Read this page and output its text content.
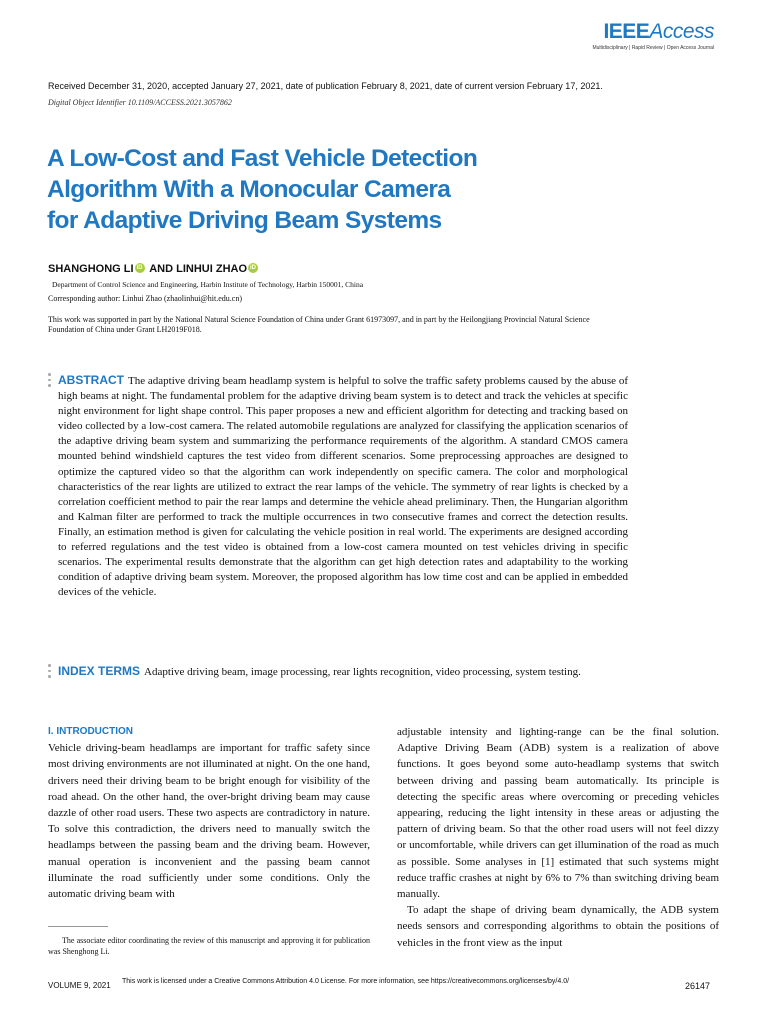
IEEEAccess
Multidisciplinary | Rapid Review | Open Access Journal
Received December 31, 2020, accepted January 27, 2021, date of publication February 8, 2021, date of current version February 17, 2021.
Digital Object Identifier 10.1109/ACCESS.2021.3057862
A Low-Cost and Fast Vehicle Detection
Algorithm With a Monocular Camera
for Adaptive Driving Beam Systems
SHANGHONG LI iD AND LINHUI ZHAO iD
Department of Control Science and Engineering, Harbin Institute of Technology, Harbin 150001, China
Corresponding author: Linhui Zhao (zhaolinhui@hit.edu.cn)
This work was supported in part by the National Natural Science Foundation of China under Grant 61973097, and in part by the Heilongjiang Provincial Natural Science Foundation of China under Grant LH2019F018.
ABSTRACT The adaptive driving beam headlamp system is helpful to solve the traffic safety problems caused by the abuse of high beams at night. The fundamental problem for the adaptive driving beam system is to detect and track the vehicles at specific night environment for light shape control. This paper proposes a new and efficient algorithm for detecting and tracking based on video collected by a low-cost camera. The related automobile regulations are analyzed for classifying the application scenarios of the adaptive driving beam system and summarizing the performance requirements of the algorithm. A standard CMOS camera mounted behind windshield captures the test video from different scenarios. Some preprocessing approaches are designed to optimize the captured video so that the algorithm can work independently on specific camera. The color and morphological characteristics of the rear lights are utilized to extract the rear lamps of the vehicle. The symmetry of rear lights is checked by a correlation coefficient method to pair the rear lamps and determine the vehicle ahead preliminary. Then, the Hungarian algorithm and Kalman filter are performed to track the multiple occurrences in two consecutive frames and correct the detection results. Finally, an estimation method is given for calculating the vehicle position in real world. The experiments are designed according to referred regulations and the test video is obtained from a low-cost camera mounted on test vehicles driving in specific scenarios. The experimental results demonstrate that the algorithm can get high detection rates and adaptability to the working condition of adaptive driving beam system. Moreover, the proposed algorithm has low time cost and can be applied in embedded devices of the vehicle.
INDEX TERMS Adaptive driving beam, image processing, rear lights recognition, video processing, system testing.
I. INTRODUCTION
Vehicle driving-beam headlamps are important for traffic safety since most driving environments are not illuminated at night. On the one hand, drivers need their driving beam to be bright enough for visibility of the road ahead. On the other hand, the over-bright driving beam may cause dazzle of other road users. These two aspects are contradictory in nature. To solve this contradiction, the drivers need to manually switch the headlamps between the passing beam and the driving beam. However, manual operation is inconvenient and the passing beam cannot illuminate the road sufficiently under some conditions. Only the automatic driving beam with
adjustable intensity and lighting-range can be the final solution. Adaptive Driving Beam (ADB) system is a realization of above functions. It goes beyond some auto-headlamp systems that switch between driving and passing beam automatically. Its principle is detecting the specific areas where overcoming or preceding vehicles appearing, reducing the light intensity in these areas or adjusting the pattern of driving beam. So that the other road users will not feel dizzy or uncomfortable, while drivers can get illumination of the road as much as possible. Some analyses in [1] estimated that such systems might reduce traffic crashes at night by 6% to 7% than switching driving beam manually.
To adapt the shape of driving beam dynamically, the ADB system needs sensors and corresponding algorithms to obtain the positions of vehicles in the front view as the input
The associate editor coordinating the review of this manuscript and approving it for publication was Shenghong Li.
VOLUME 9, 2021 This work is licensed under a Creative Commons Attribution 4.0 License. For more information, see https://creativecommons.org/licenses/by/4.0/	26147
